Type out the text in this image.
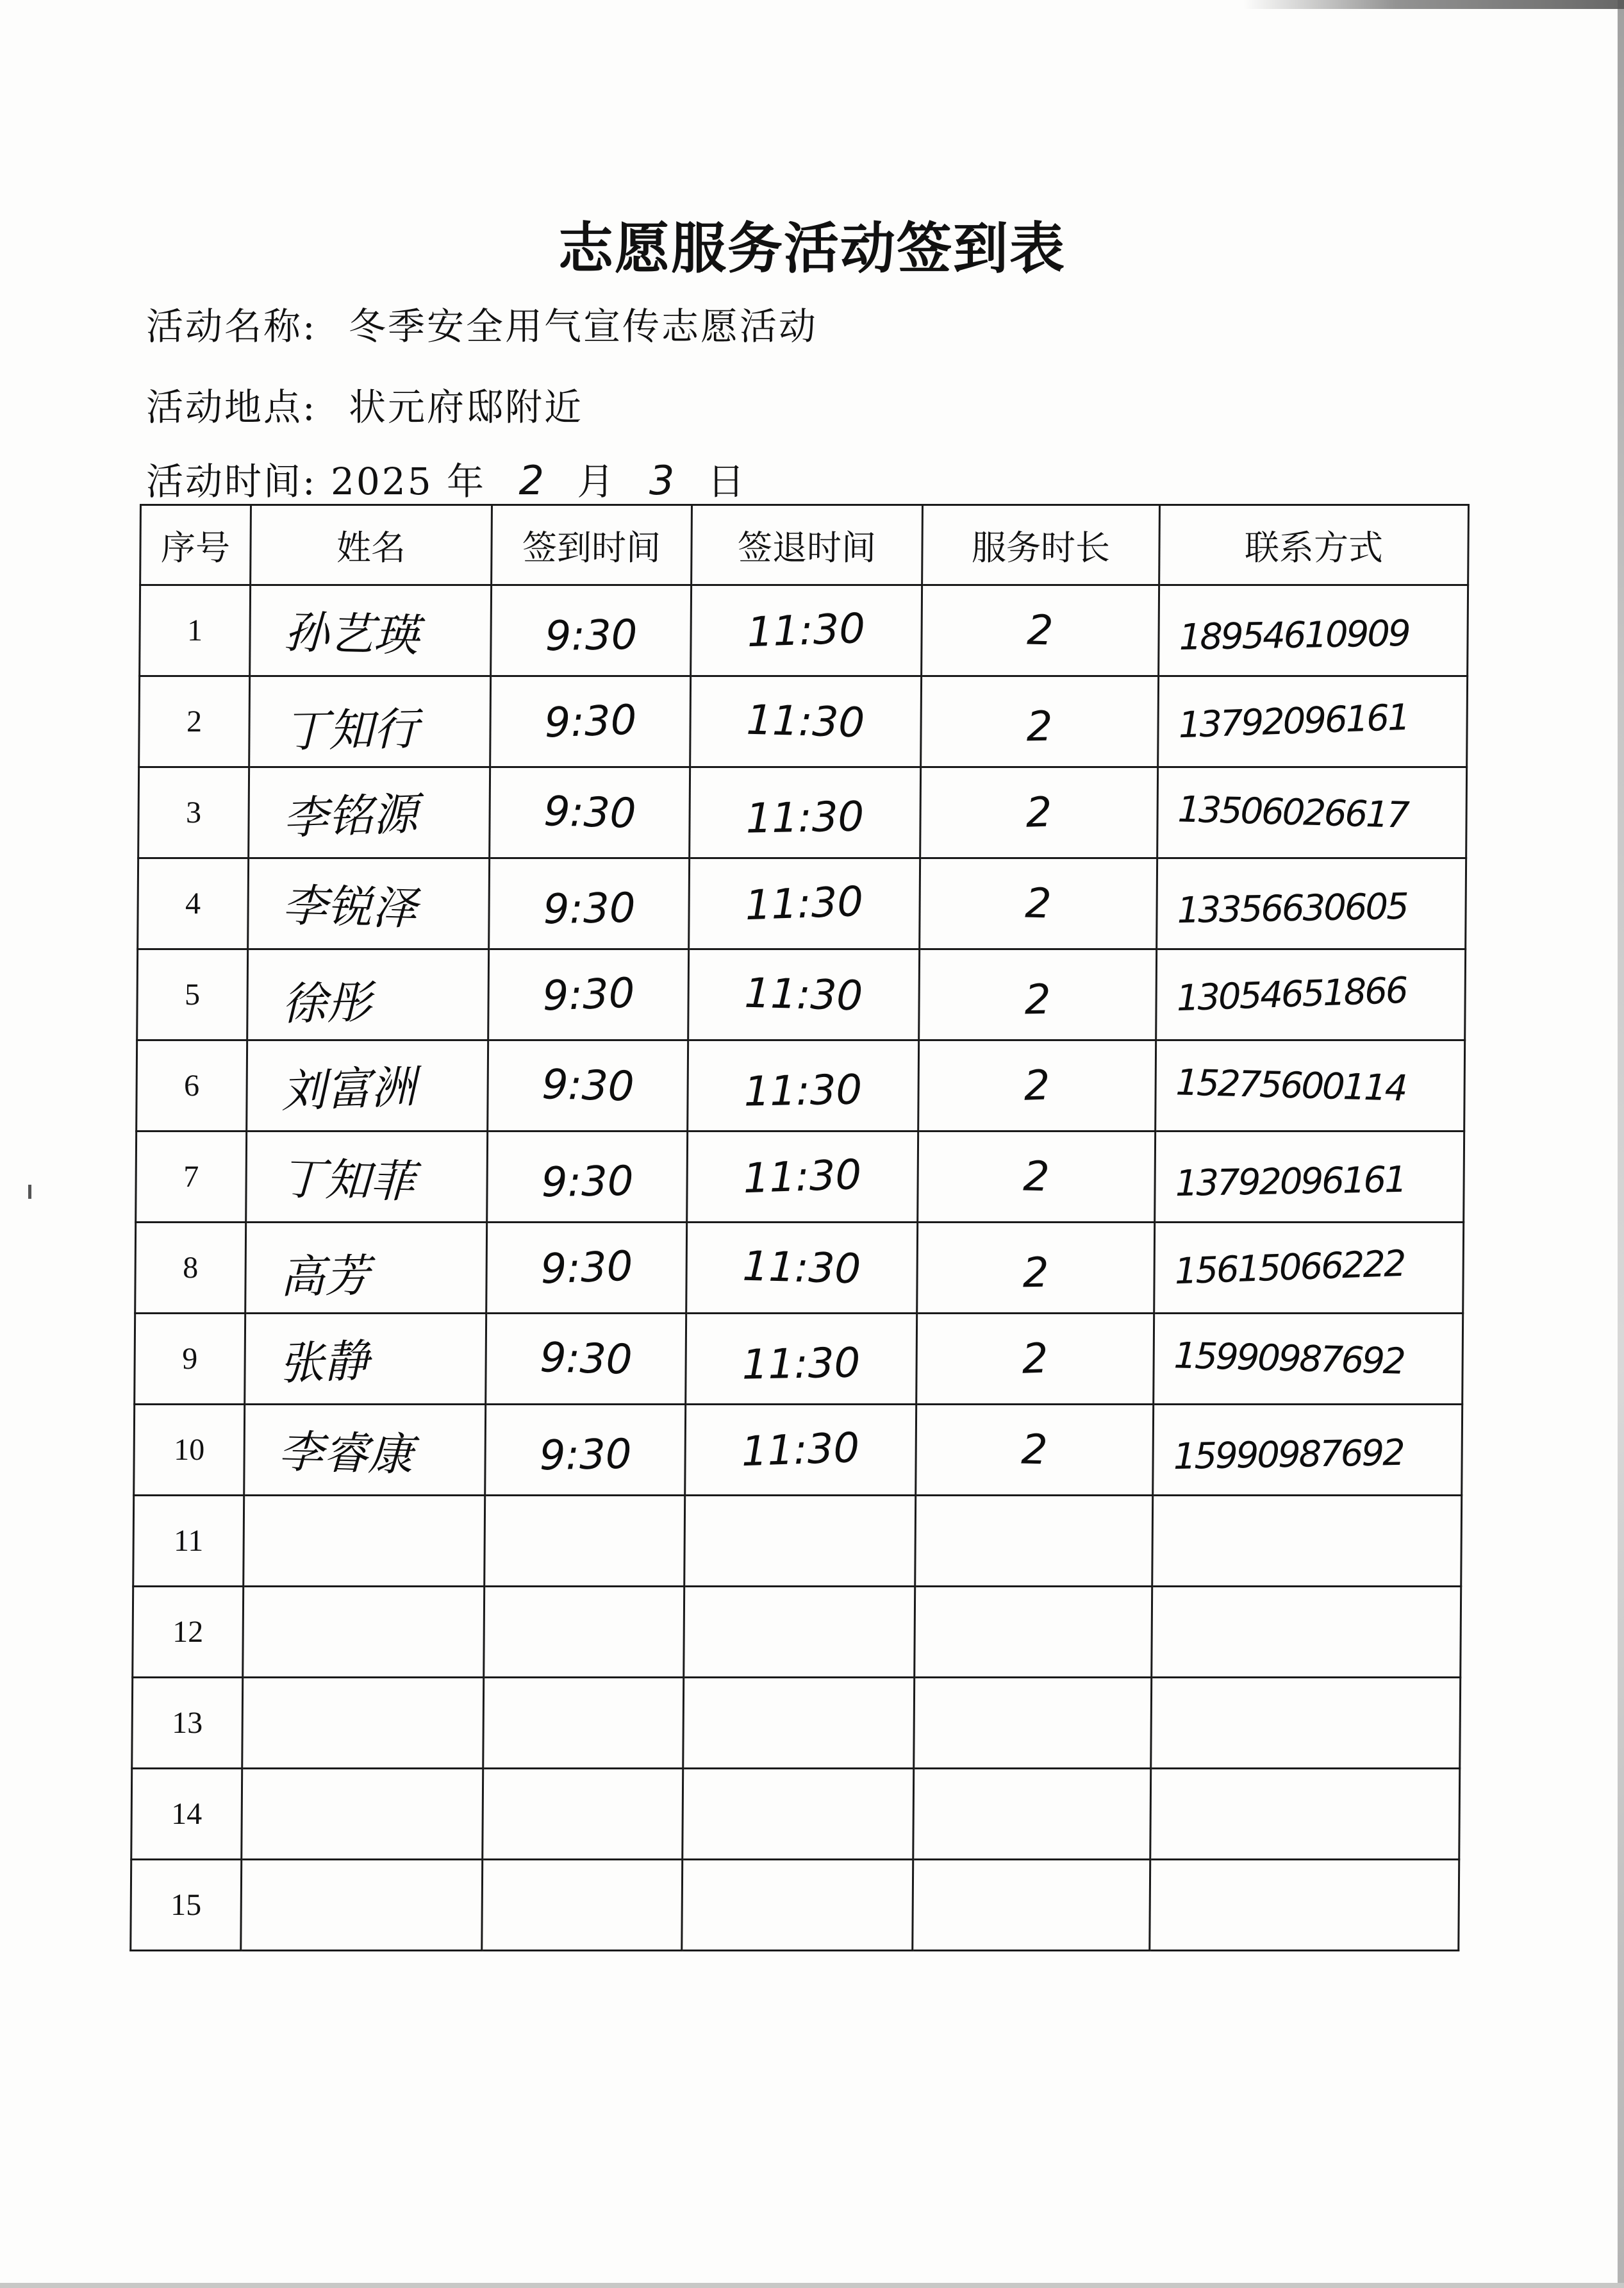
志愿服务活动签到表
活动名称: 冬季安全用气宣传志愿活动
活动地点: 状元府邸附近
活动时间: 2025 年 2 月 3 日
序号	姓名	签到时间	签退时间	服务时长	联系方式
1	孙艺瑛	9:30	11:30	2	18954610909
2	丁知行	9:30	11:30	2	13792096161
3	李铭源	9:30	11:30	2	13506026617
4	李锐泽	9:30	11:30	2	13356630605
5	徐彤	9:30	11:30	2	13054651866
6	刘富洲	9:30	11:30	2	15275600114
7	丁知菲	9:30	11:30	2	13792096161
8	高芳	9:30	11:30	2	15615066222
9	张静	9:30	11:30	2	15990987692
10	李睿康	9:30	11:30	2	15990987692
11					
12					
13					
14					
15					
